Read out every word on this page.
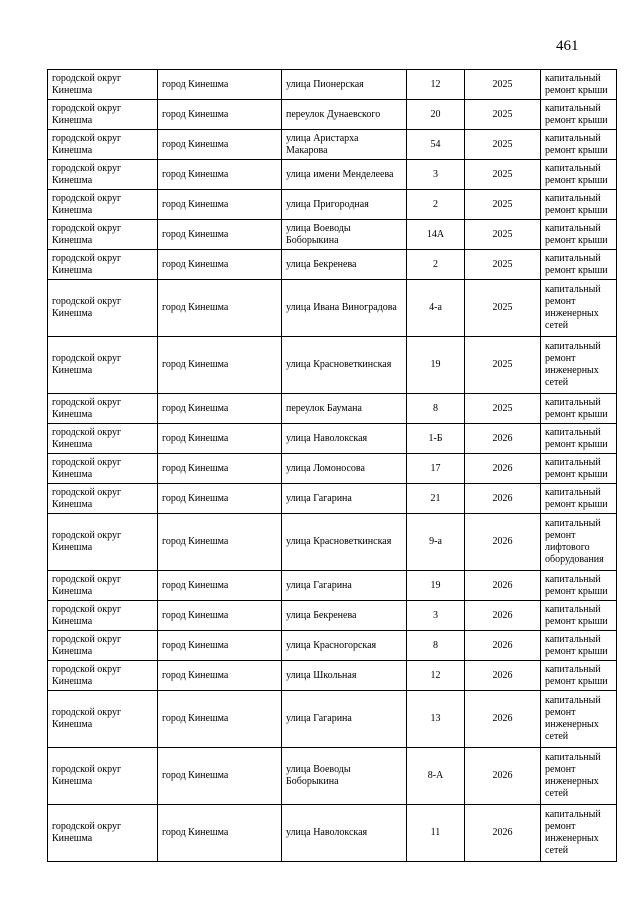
461
городской округ Кинешма	город Кинешма	улица Пионерская	12	2025	капитальный ремонт крыши
городской округ Кинешма	город Кинешма	переулок Дунаевского	20	2025	капитальный ремонт крыши
городской округ Кинешма	город Кинешма	улица Аристарха Макарова	54	2025	капитальный ремонт крыши
городской округ Кинешма	город Кинешма	улица имени Менделеева	3	2025	капитальный ремонт крыши
городской округ Кинешма	город Кинешма	улица Пригородная	2	2025	капитальный ремонт крыши
городской округ Кинешма	город Кинешма	улица Воеводы Боборыкина	14А	2025	капитальный ремонт крыши
городской округ Кинешма	город Кинешма	улица Бекренева	2	2025	капитальный ремонт крыши
городской округ Кинешма	город Кинешма	улица Ивана Виноградова	4-а	2025	капитальный ремонт инженерных сетей
городской округ Кинешма	город Кинешма	улица Красноветкинская	19	2025	капитальный ремонт инженерных сетей
городской округ Кинешма	город Кинешма	переулок Баумана	8	2025	капитальный ремонт крыши
городской округ Кинешма	город Кинешма	улица Наволокская	1-Б	2026	капитальный ремонт крыши
городской округ Кинешма	город Кинешма	улица Ломоносова	17	2026	капитальный ремонт крыши
городской округ Кинешма	город Кинешма	улица Гагарина	21	2026	капитальный ремонт крыши
городской округ Кинешма	город Кинешма	улица Красноветкинская	9-а	2026	капитальный ремонт лифтового оборудования
городской округ Кинешма	город Кинешма	улица Гагарина	19	2026	капитальный ремонт крыши
городской округ Кинешма	город Кинешма	улица Бекренева	3	2026	капитальный ремонт крыши
городской округ Кинешма	город Кинешма	улица Красногорская	8	2026	капитальный ремонт крыши
городской округ Кинешма	город Кинешма	улица Школьная	12	2026	капитальный ремонт крыши
городской округ Кинешма	город Кинешма	улица Гагарина	13	2026	капитальный ремонт инженерных сетей
городской округ Кинешма	город Кинешма	улица Воеводы Боборыкина	8-А	2026	капитальный ремонт инженерных сетей
городской округ Кинешма	город Кинешма	улица Наволокская	11	2026	капитальный ремонт инженерных сетей
